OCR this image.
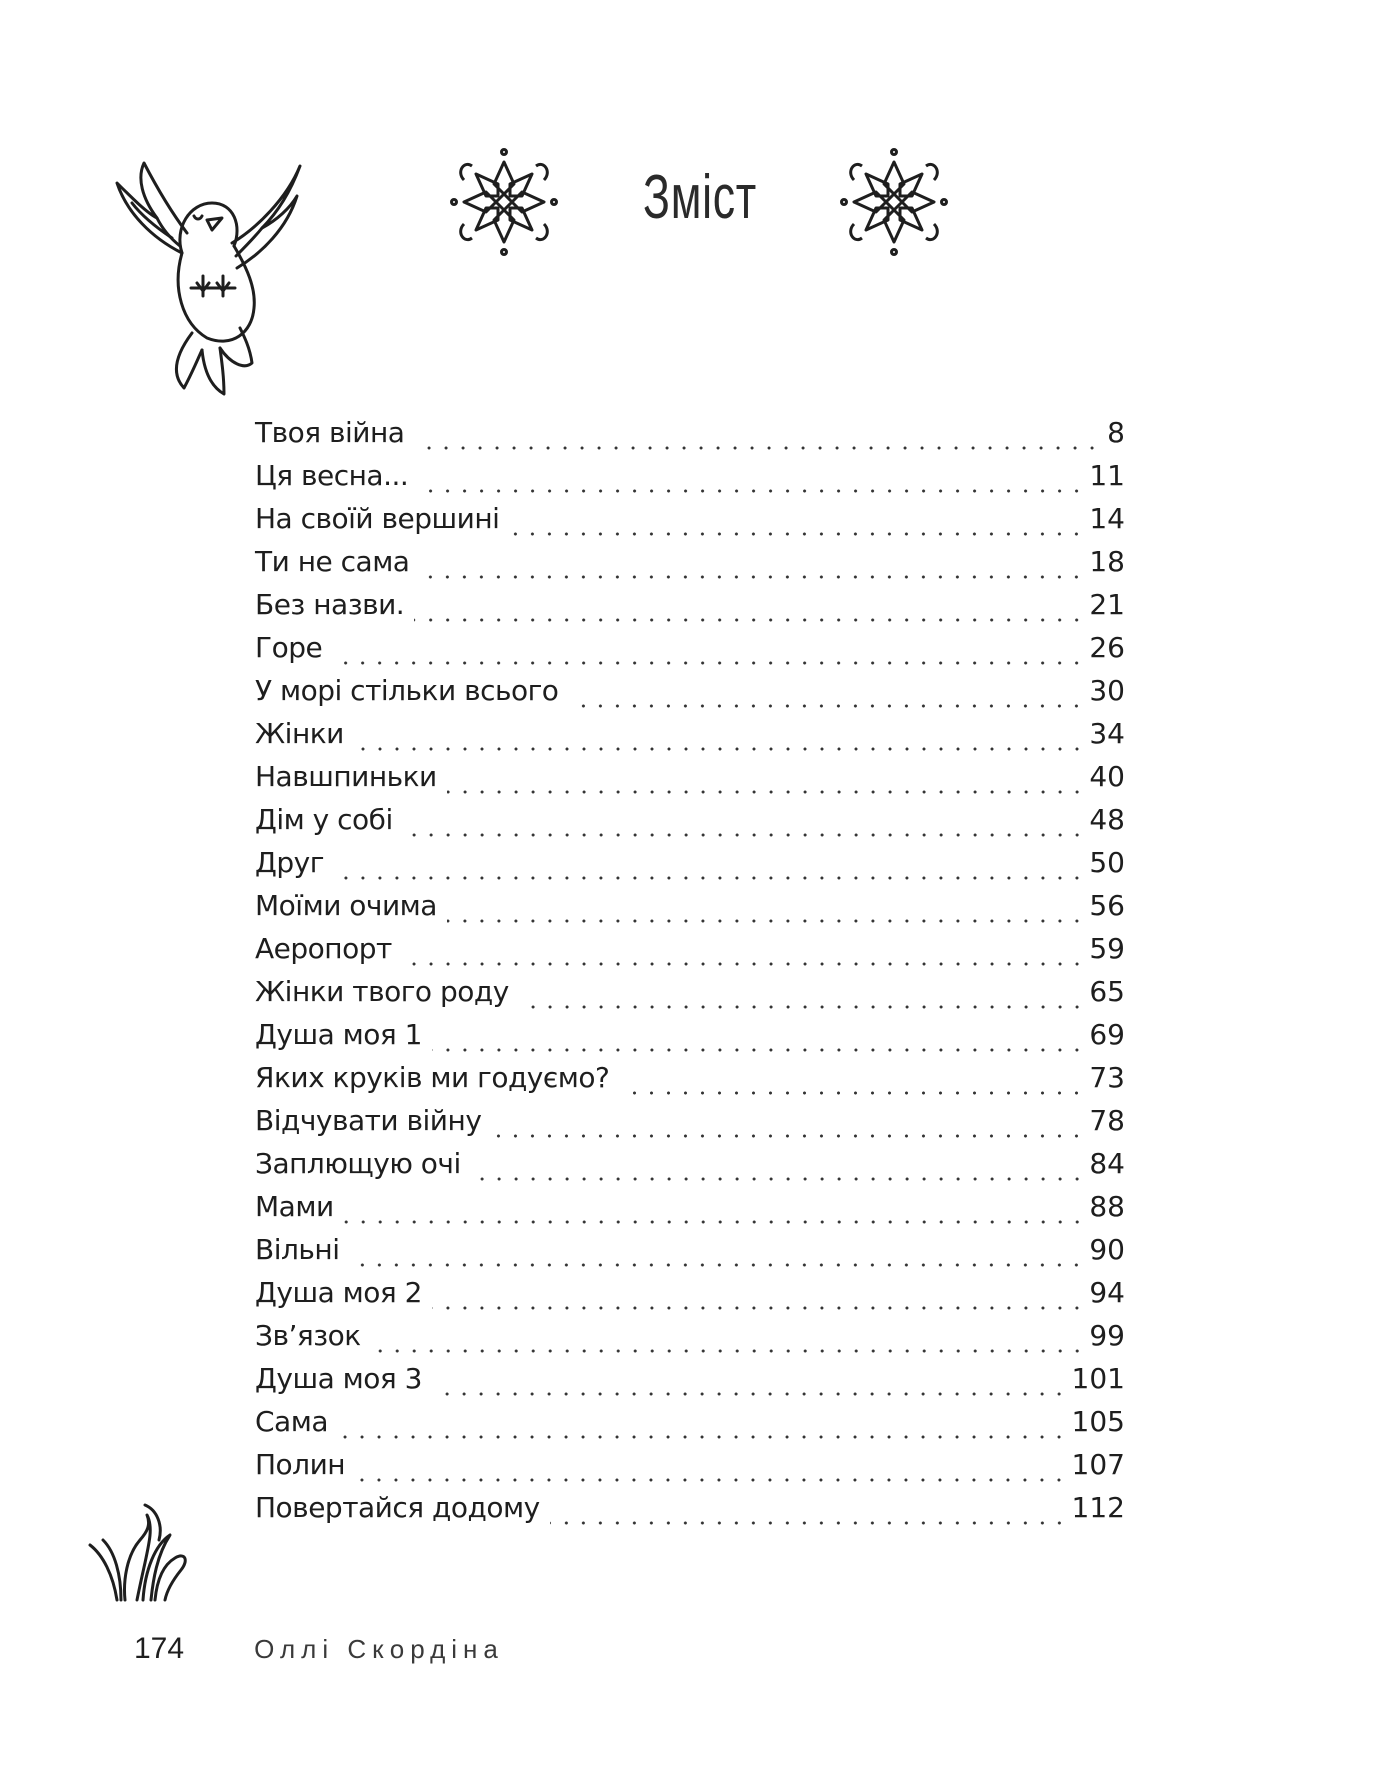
Зміст
Твоя війна	8
Ця весна...	11
На своїй вершині	14
Ти не сама	18
Без назви.	21
Горе	26
У морі стільки всього	30
Жінки	34
Навшпиньки	40
Дім у собі	48
Друг	50
Моїми очима	56
Аеропорт	59
Жінки твого роду	65
Душа моя 1	69
Яких круків ми годуємо?	73
Відчувати війну	78
Заплющую очі	84
Мами	88
Вільні	90
Душа моя 2	94
Зв’язок	99
Душа моя 3	101
Сама	105
Полин	107
Повертайся додому	112
174	Оллі Скордіна
